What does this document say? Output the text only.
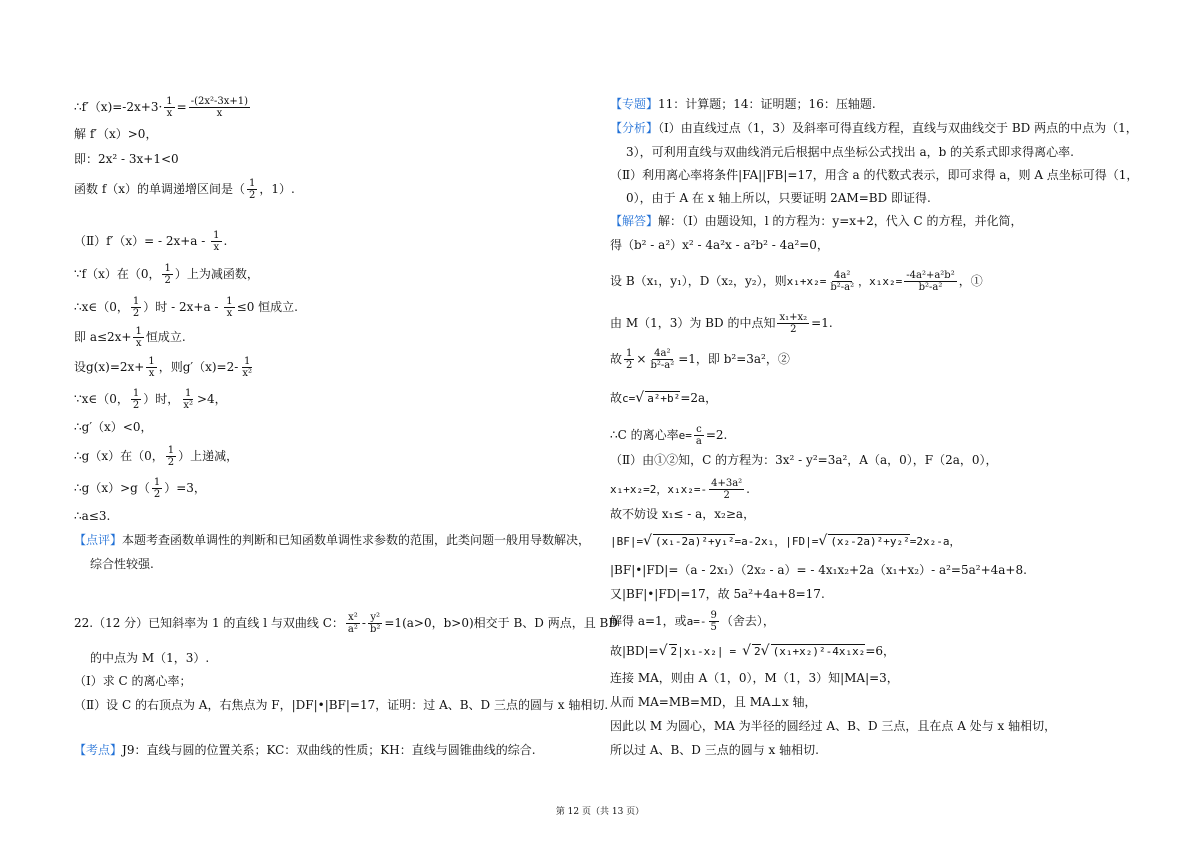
∴f′（x)=-2x+3· $\frac{1}{x} = \frac{\text{-(2x²-3x+1)}}{x}$
解 f′（x）>0，
即：2x² - 3x+1<0
函数 f（x）的单调递增区间是（ $\frac{1}{2}$ ，1）.
（Ⅱ）f′（x）= - $2x+a - \frac{1}{x}$ .
∵f（x）在（0， $\frac{1}{2}$ ）上为减函数，
∴x∈（0， $\frac{1}{2}$ ）时 - $2x+a - \frac{1}{x} \le 0$ 恒成立.
即 $a\le 2x+ \frac{1}{x}$ 恒成立.
设$g(x)=2x+ \frac{1}{x}$ ，则$g'(x)=2- \frac{1}{\text{x²}}$
∵x∈（0， $\frac{1}{2}$ ）时， $\frac{1}{\text{x²}} >4$，
∴g′（x）<0，
∴g（x）在（0， $\frac{1}{2}$ ）上递减，
∴g（x）>g（ $\frac{1}{2} )=3$，
∴a≤3.
【点评】本题考查函数单调性的判断和已知函数单调性求参数的范围，此类问题一般用导数解决，
综合性较强.
22.（12 分）已知斜率为 1 的直线 l 与双曲线 C： $\frac{\text{x²}}{\text{a²}} - \frac{\text{y²}}{\text{b²}} =1(a>0$，b>0)相交于 B、D 两点，且 BD
的中点为 M（1，3）.
（Ⅰ）求 C 的离心率；
（Ⅱ）设 C 的右顶点为 A，右焦点为 F，|DF|•|BF|=17，证明：过 A、B、D 三点的圆与 x 轴相切.
【考点】J9：直线与圆的位置关系；KC：双曲线的性质；KH：直线与圆锥曲线的综合.
【专题】11：计算题；14：证明题；16：压轴题.
【分析】（Ⅰ）由直线过点（1，3）及斜率可得直线方程，直线与双曲线交于 BD 两点的中点为（1，
3），可利用直线与双曲线消元后根据中点坐标公式找出 a，b 的关系式即求得离心率.
（Ⅱ）利用离心率将条件|FA||FB|=17，用含 a 的代数式表示，即可求得 a，则 A 点坐标可得（1，
0），由于 A 在 x 轴上所以，只要证明 2AM=BD 即证得.
【解答】解：（Ⅰ）由题设知，l 的方程为：y=x+2，代入 C 的方程，并化简，
得（b² - a²）x² - 4a²x - a²b² - 4a²=0，
设 B（x₁，y₁），D（x₂，y₂），则$x_1+x_2= \frac{\text{4a²}}{\text{b²-a²}}$ ，$x_1x_2= \frac{\text{-4a²+a²b²}}{\text{b²-a²}}$ ，①
由 M（1，3）为 BD 的中点知 $\frac{\text{x₁+x₂}}{2} =1$.
故 $\frac{1}{2} \times \frac{\text{4a²}}{\text{b²-a²}} =1$，即 b²=3a²，②
故c=√ a²+b²=2a，
∴C 的离心率$e= \frac{c}{a} =2$.
（Ⅱ）由①②知，C 的方程为：3x² - y²=3a²，A（a，0），F（2a，0），
x₁+x₂=2，$x_1x_2=- \frac{\text{4+3a²}}{2}$ .
故不妨设 x₁≤ - a，x₂≥a，
|BF|=√ (x₁-2a)²+y₁²=a-2x₁，|FD|=√ (x₂-2a)²+y₂²=2x₂-a，
|BF|•|FD|=（a - 2x₁）（2x₂ - a）= - 4x₁x₂+2a（x₁+x₂）- a²=5a²+4a+8.
又|BF|•|FD|=17，故 5a²+4a+8=17.
解得 a=1，或$a=- \frac{9}{5}$ （舍去），
故|BD|=√ 2|x₁-x₂| = √ 2√ (x₁+x₂)²-4x₁x₂=6，
连接 MA，则由 A（1，0），M（1，3）知|MA|=3，
从而 MA=MB=MD，且 MA⊥x 轴，
因此以 M 为圆心，MA 为半径的圆经过 A、B、D 三点，且在点 A 处与 x 轴相切，
所以过 A、B、D 三点的圆与 x 轴相切.
第 12 页（共 13 页）
